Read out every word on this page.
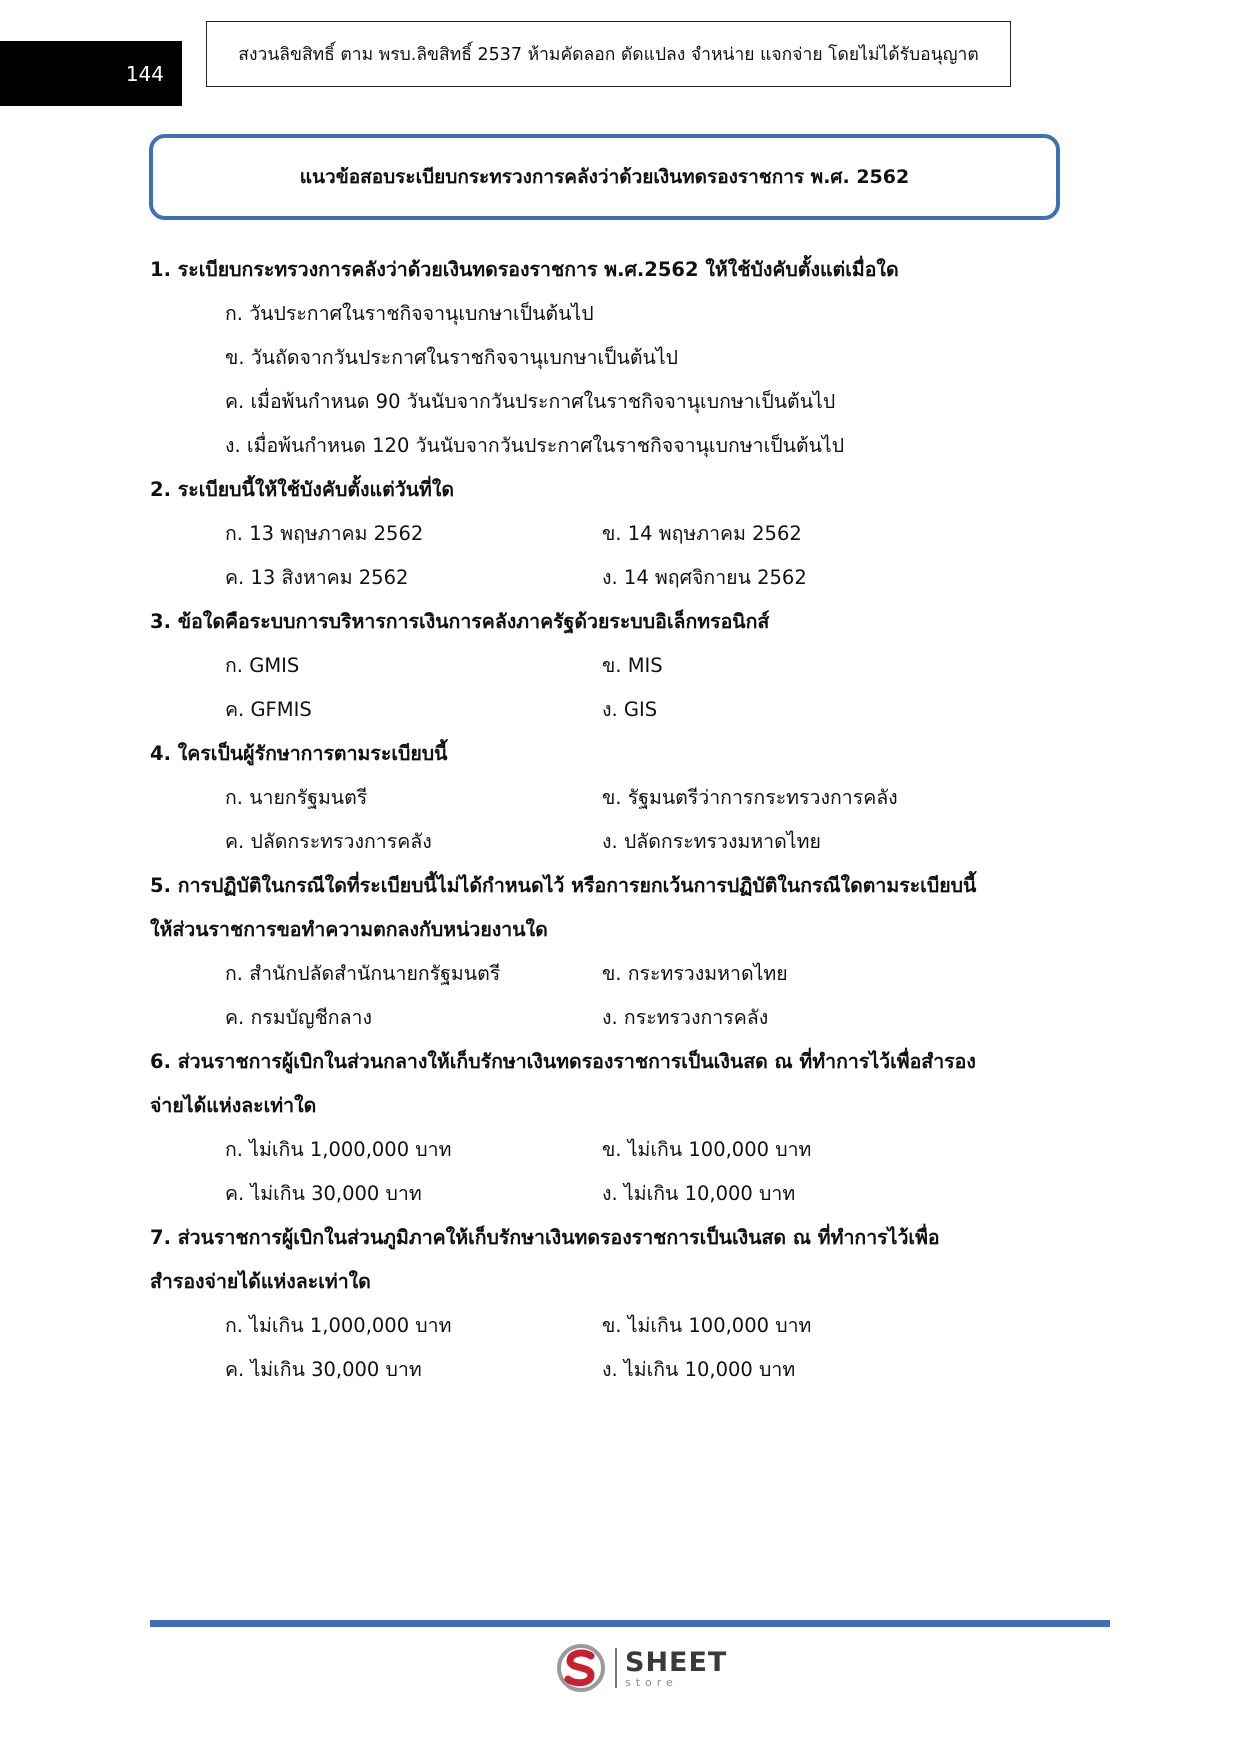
144
สงวนลิขสิทธิ์ ตาม พรบ.ลิขสิทธิ์ 2537 ห้ามคัดลอก ดัดแปลง จำหน่าย แจกจ่าย โดยไม่ได้รับอนุญาต
แนวข้อสอบระเบียบกระทรวงการคลังว่าด้วยเงินทดรองราชการ พ.ศ. 2562

1. ระเบียบกระทรวงการคลังว่าด้วยเงินทดรองราชการ พ.ศ.2562 ให้ใช้บังคับตั้งแต่เมื่อใด

ก. วันประกาศในราชกิจจานุเบกษาเป็นต้นไป

ข. วันถัดจากวันประกาศในราชกิจจานุเบกษาเป็นต้นไป

ค. เมื่อพ้นกำหนด 90 วันนับจากวันประกาศในราชกิจจานุเบกษาเป็นต้นไป

ง. เมื่อพ้นกำหนด 120 วันนับจากวันประกาศในราชกิจจานุเบกษาเป็นต้นไป

2. ระเบียบนี้ให้ใช้บังคับตั้งแต่วันที่ใด

ก. 13 พฤษภาคม 2562	ข. 14 พฤษภาคม 2562
ค. 13 สิงหาคม 2562	ง. 14 พฤศจิกายน 2562

3. ข้อใดคือระบบการบริหารการเงินการคลังภาครัฐด้วยระบบอิเล็กทรอนิกส์

ก. GMIS	ข. MIS
ค. GFMIS	ง. GIS

4. ใครเป็นผู้รักษาการตามระเบียบนี้

ก. นายกรัฐมนตรี	ข. รัฐมนตรีว่าการกระทรวงการคลัง
ค. ปลัดกระทรวงการคลัง	ง. ปลัดกระทรวงมหาดไทย

5. การปฏิบัติในกรณีใดที่ระเบียบนี้ไม่ได้กำหนดไว้ หรือการยกเว้นการปฏิบัติในกรณีใดตามระเบียบนี้

ให้ส่วนราชการขอทำความตกลงกับหน่วยงานใด

ก. สำนักปลัดสำนักนายกรัฐมนตรี	ข. กระทรวงมหาดไทย
ค. กรมบัญชีกลาง	ง. กระทรวงการคลัง

6. ส่วนราชการผู้เบิกในส่วนกลางให้เก็บรักษาเงินทดรองราชการเป็นเงินสด ณ ที่ทำการไว้เพื่อสำรอง

จ่ายได้แห่งละเท่าใด

ก. ไม่เกิน 1,000,000 บาท	ข. ไม่เกิน 100,000 บาท
ค. ไม่เกิน 30,000 บาท	ง. ไม่เกิน 10,000 บาท

7. ส่วนราชการผู้เบิกในส่วนภูมิภาคให้เก็บรักษาเงินทดรองราชการเป็นเงินสด ณ ที่ทำการไว้เพื่อ

สำรองจ่ายได้แห่งละเท่าใด

ก. ไม่เกิน 1,000,000 บาท	ข. ไม่เกิน 100,000 บาท
ค. ไม่เกิน 30,000 บาท	ง. ไม่เกิน 10,000 บาท
SHEET
store
